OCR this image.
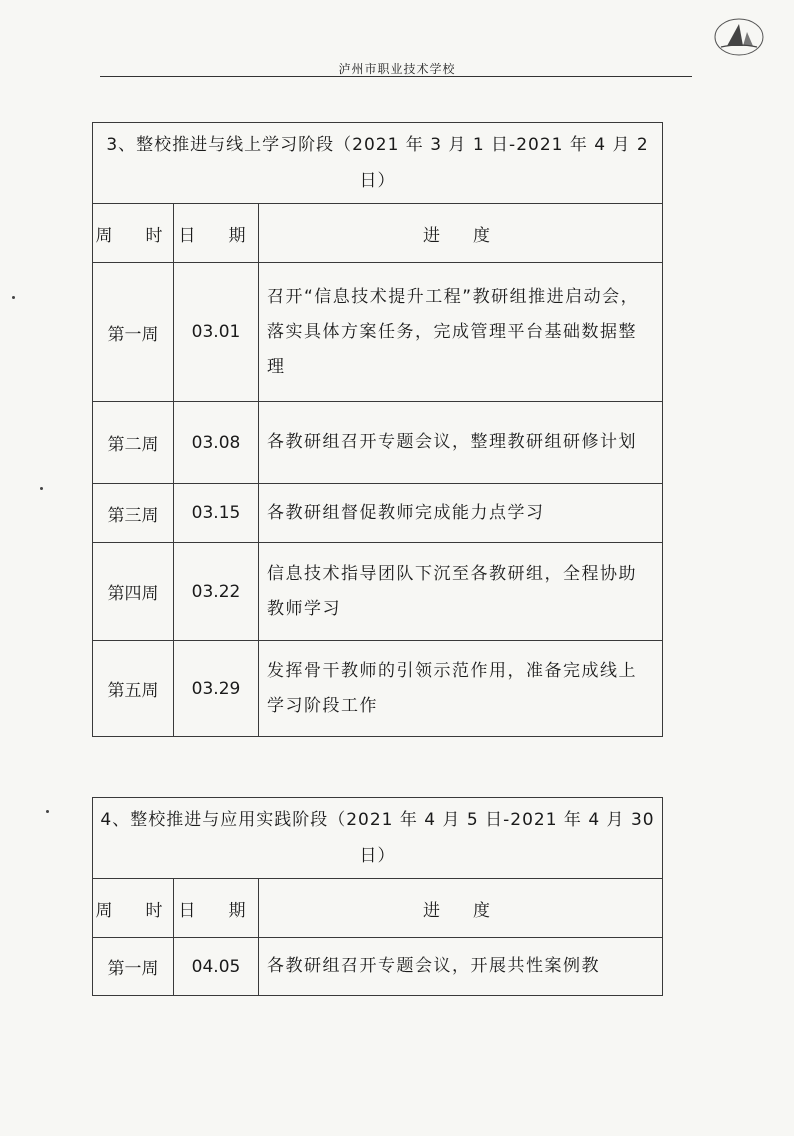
泸州市职业技术学校
3、整校推进与线上学习阶段（2021 年 3 月 1 日-2021 年 4 月 2 日）		
周　时	日　期	进　度
第一周	03.01	召开“信息技术提升工程”教研组推进启动会，落实具体方案任务，完成管理平台基础数据整理
第二周	03.08	各教研组召开专题会议，整理教研组研修计划
第三周	03.15	各教研组督促教师完成能力点学习
第四周	03.22	信息技术指导团队下沉至各教研组，全程协助教师学习
第五周	03.29	发挥骨干教师的引领示范作用，准备完成线上学习阶段工作
4、整校推进与应用实践阶段（2021 年 4 月 5 日-2021 年 4 月 30 日）		
周　时	日　期	进　度
第一周	04.05	各教研组召开专题会议，开展共性案例教
